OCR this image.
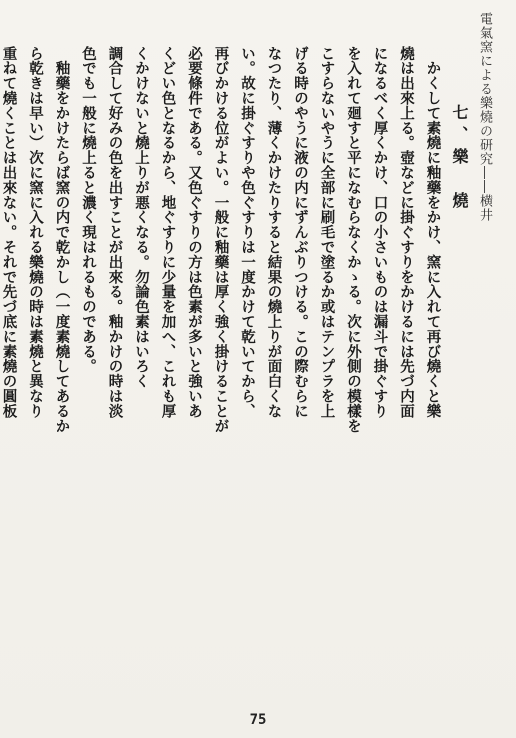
電氣窯による樂燒の研究――横井
七、樂　燒
　かくして素燒に釉藥をかけ、窯に入れて再び燒くと樂
燒は出來上る。壺などに掛ぐすりをかけるには先づ内面
になるべく厚くかけ、口の小さいものは漏斗で掛ぐすり
を入れて廻すと平になむらなくかゝる。次に外側の模樣を
こすらないやうに全部に刷毛で塗るか或はテンプラを上
げる時のやうに液の内にずんぶりつける。この際むらに
なつたり、薄くかけたりすると結果の燒上りが面白くな
い。故に掛ぐすりや色ぐすりは一度かけて乾いてから、
再びかける位がよい。一般に釉藥は厚く強く掛けることが
必要條件である。又色ぐすりの方は色素が多いと強いあ
くどい色となるから、地ぐすりに少量を加へ、これも厚
くかけないと燒上りが悪くなる。勿論色素はいろく
調合して好みの色を出すことが出來る。釉かけの時は淡
色でも一般に燒上ると濃く現はれるものである。
　釉藥をかけたらば窯の内で乾かし（一度素燒してあるか
ら乾きは早い）次に窯に入れる樂燒の時は素燒と異なり
重ねて燒くことは出來ない。それで先づ底に素燒の圓板
75
